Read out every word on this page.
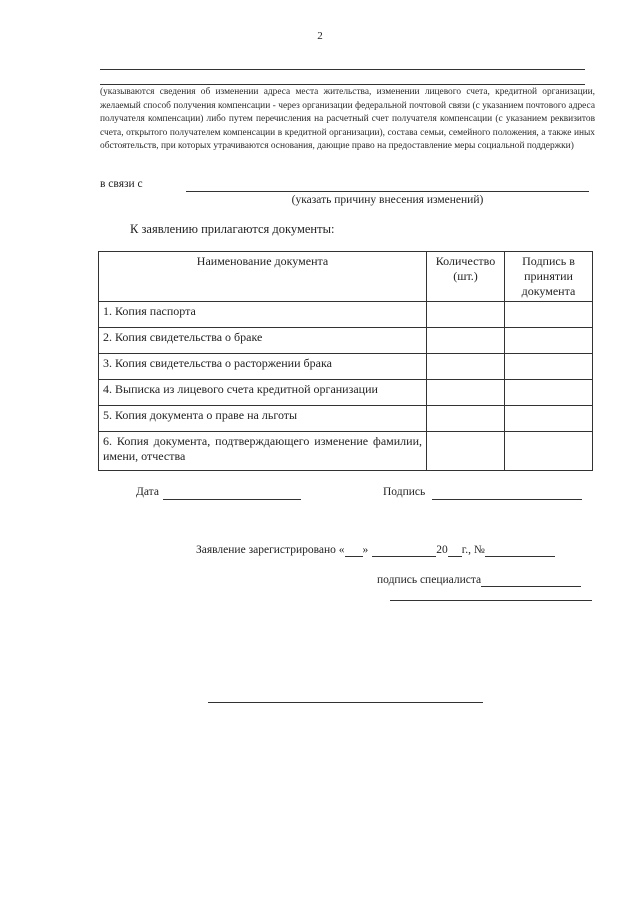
2
(указываются сведения об изменении адреса места жительства, изменении лицевого счета, кредитной организации, желаемый способ получения компенсации - через организации федеральной почтовой связи (с указанием почтового адреса получателя компенсации) либо путем перечисления на расчетный счет получателя компенсации (с указанием реквизитов счета, открытого получателем компенсации в кредитной организации), состава семьи, семейного положения, а также иных обстоятельств, при которых утрачиваются основания, дающие право на предоставление меры социальной поддержки)
в связи с
(указать причину внесения изменений)
К заявлению прилагаются документы:
Наименование документа	Количество (шт.)	Подпись в принятии документа
1. Копия паспорта		
2. Копия свидетельства о браке		
3. Копия свидетельства о расторжении брака		
4. Выписка из лицевого счета кредитной организации		
5. Копия документа о праве на льготы		
6. Копия документа, подтверждающего изменение фамилии, имени, отчества		
Дата	Подпись
Заявление зарегистрировано « »	20 г., №
подпись специалиста
